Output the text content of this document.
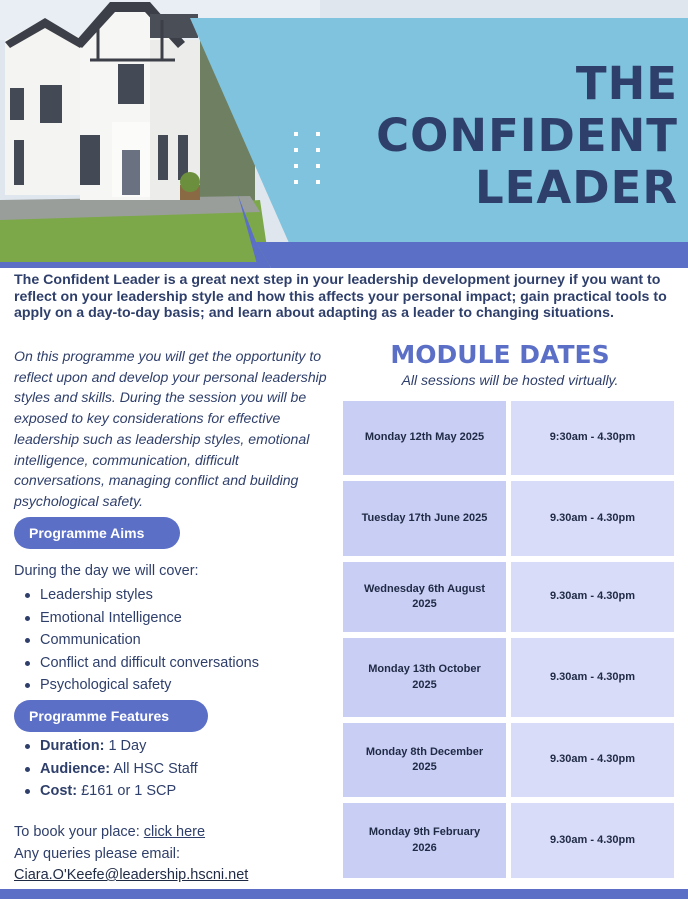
THE
CONFIDENT
LEADER

The Confident Leader is a great next step in your leadership development journey if you want to reflect on your leadership style and how this affects your personal impact; gain practical tools to apply on a day-to-day basis; and learn about adapting as a leader to changing situations.

On this programme you will get the opportunity to reflect upon and develop your personal leadership styles and skills. During the session you will be exposed to key considerations for effective leadership such as leadership styles, emotional intelligence, communication, difficult conversations, managing conflict and building psychological safety.

Programme Aims

During the day we will cover:

Leadership styles
Emotional Intelligence
Communication
Conflict and difficult conversations
Psychological safety
Programme Features
Duration: 1 Day
Audience: All HSC Staff
Cost: £161 or 1 SCP
To book your place: click here
Any queries please email:
Ciara.O'Keefe@leadership.hscni.net
MODULE DATES
All sessions will be hosted virtually.
Monday 12th May 2025	9:30am - 4.30pm
Tuesday 17th June 2025	9.30am - 4.30pm
Wednesday 6th August 2025
9.30am - 4.30pm
Monday 13th October 2025
9.30am - 4.30pm
Monday 8th December 2025
9.30am - 4.30pm
Monday 9th February 2026
9.30am - 4.30pm
